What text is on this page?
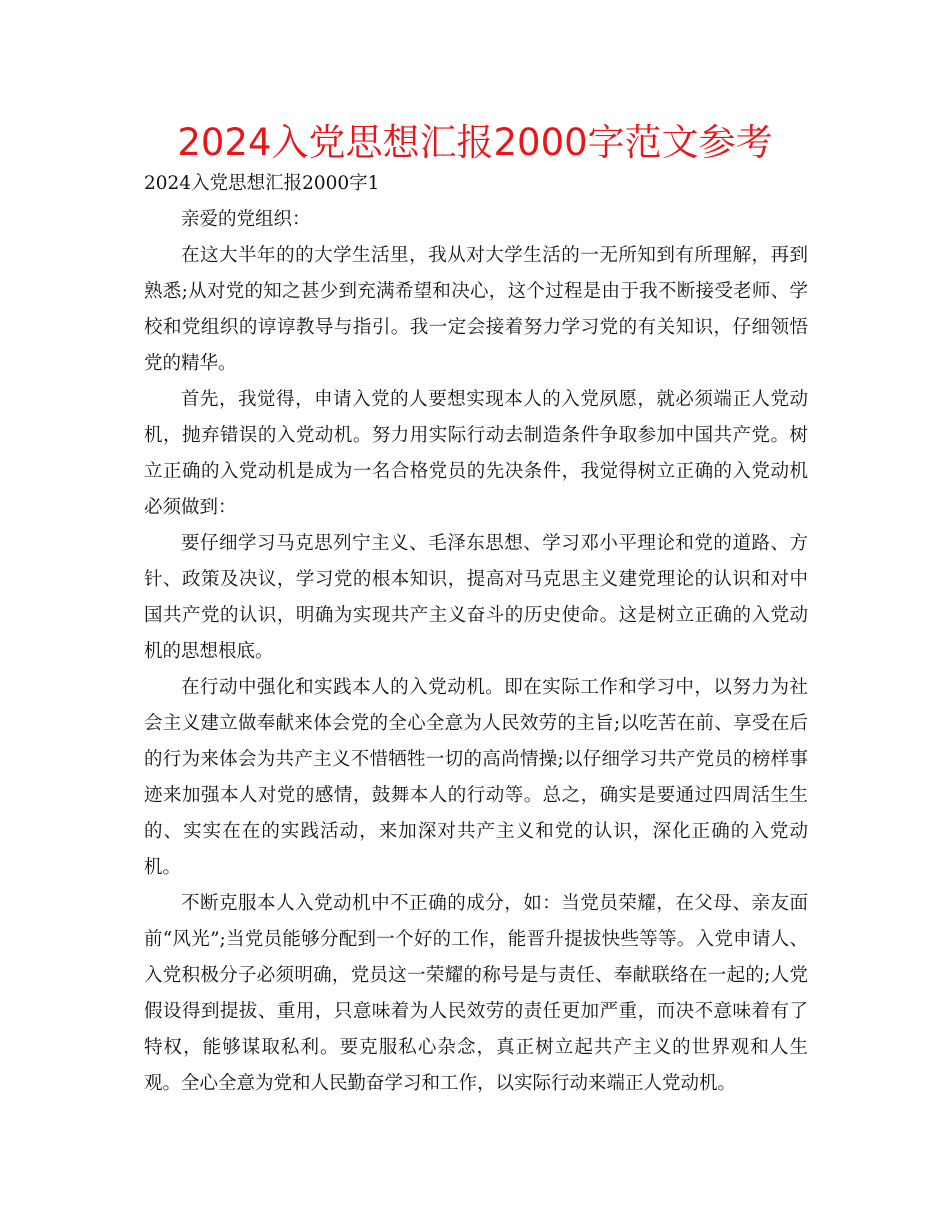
2024入党思想汇报2000字范文参考

2024入党思想汇报2000字1

亲爱的党组织：

在这大半年的的大学生活里，我从对大学生活的一无所知到有所理解，再到熟悉;从对党的知之甚少到充满希望和决心，这个过程是由于我不断接受老师、学校和党组织的谆谆教导与指引。我一定会接着努力学习党的有关知识，仔细领悟党的精华。

首先，我觉得，申请入党的人要想实现本人的入党夙愿，就必须端正人党动机，抛弃错误的入党动机。努力用实际行动去制造条件争取参加中国共产党。树立正确的入党动机是成为一名合格党员的先决条件，我觉得树立正确的入党动机必须做到：

要仔细学习马克思列宁主义、毛泽东思想、学习邓小平理论和党的道路、方针、政策及决议，学习党的根本知识，提高对马克思主义建党理论的认识和对中国共产党的认识，明确为实现共产主义奋斗的历史使命。这是树立正确的入党动机的思想根底。

在行动中强化和实践本人的入党动机。即在实际工作和学习中，以努力为社会主义建立做奉献来体会党的全心全意为人民效劳的主旨;以吃苦在前、享受在后的行为来体会为共产主义不惜牺牲一切的高尚情操;以仔细学习共产党员的榜样事迹来加强本人对党的感情，鼓舞本人的行动等。总之，确实是要通过四周活生生的、实实在在的实践活动，来加深对共产主义和党的认识，深化正确的入党动机。

不断克服本人入党动机中不正确的成分，如：当党员荣耀，在父母、亲友面前“风光”;当党员能够分配到一个好的工作，能晋升提拔快些等等。入党申请人、入党积极分子必须明确，党员这一荣耀的称号是与责任、奉献联络在一起的;人党假设得到提拔、重用，只意味着为人民效劳的责任更加严重，而决不意味着有了特权，能够谋取私利。要克服私心杂念，真正树立起共产主义的世界观和人生观。全心全意为党和人民勤奋学习和工作，以实际行动来端正人党动机。
